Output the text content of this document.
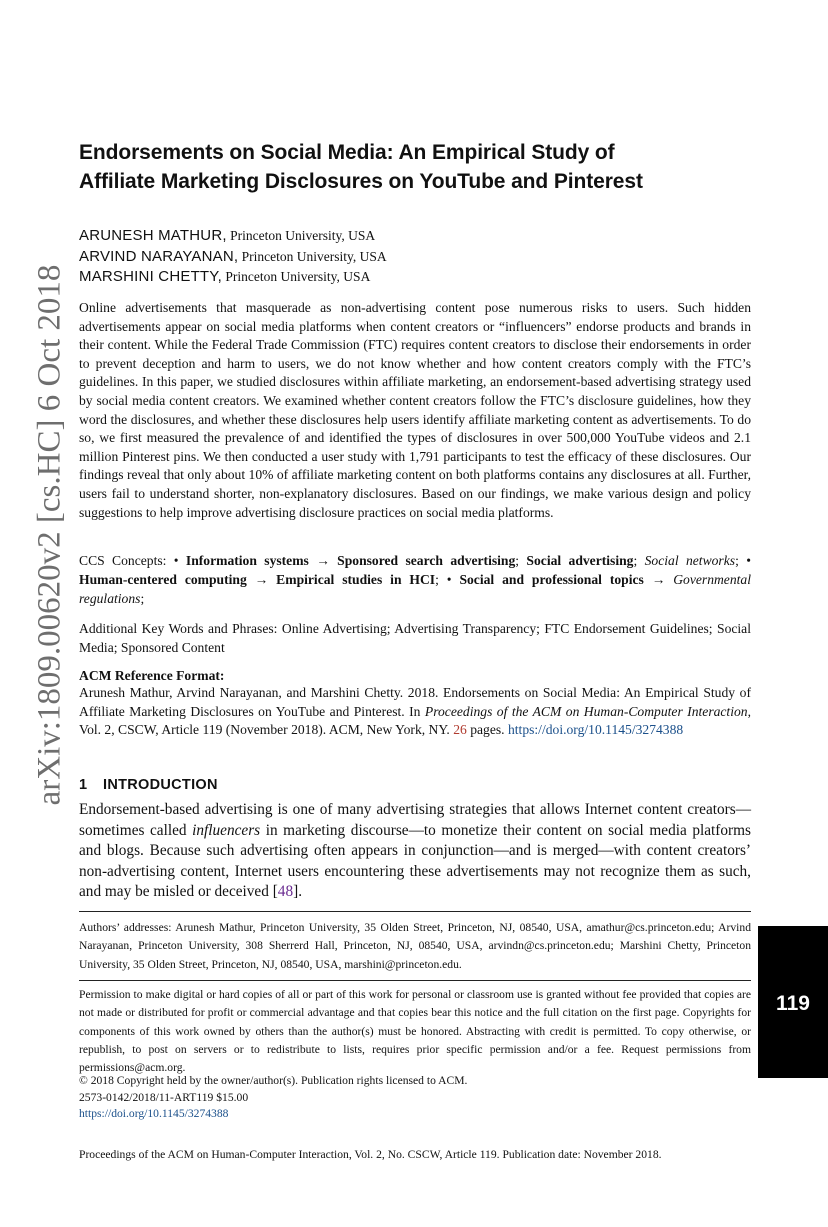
arXiv:1809.00620v2 [cs.HC] 6 Oct 2018
Endorsements on Social Media: An Empirical Study of
Affiliate Marketing Disclosures on YouTube and Pinterest
ARUNESH MATHUR, Princeton University, USA
ARVIND NARAYANAN, Princeton University, USA
MARSHINI CHETTY, Princeton University, USA

Online advertisements that masquerade as non-advertising content pose numerous risks to users. Such hidden advertisements appear on social media platforms when content creators or “influencers” endorse products and brands in their content. While the Federal Trade Commission (FTC) requires content creators to disclose their endorsements in order to prevent deception and harm to users, we do not know whether and how content creators comply with the FTC’s guidelines. In this paper, we studied disclosures within affiliate marketing, an endorsement-based advertising strategy used by social media content creators. We examined whether content creators follow the FTC’s disclosure guidelines, how they word the disclosures, and whether these disclosures help users identify affiliate marketing content as advertisements. To do so, we first measured the prevalence of and identified the types of disclosures in over 500,000 YouTube videos and 2.1 million Pinterest pins. We then conducted a user study with 1,791 participants to test the efficacy of these disclosures. Our findings reveal that only about 10% of affiliate marketing content on both platforms contains any disclosures at all. Further, users fail to understand shorter, non-explanatory disclosures. Based on our findings, we make various design and policy suggestions to help improve advertising disclosure practices on social media platforms.

CCS Concepts: • Information systems → Sponsored search advertising; Social advertising; Social networks; • Human-centered computing → Empirical studies in HCI; • Social and professional topics → Governmental regulations;

Additional Key Words and Phrases: Online Advertising; Advertising Transparency; FTC Endorsement Guidelines; Social Media; Sponsored Content

ACM Reference Format:

Arunesh Mathur, Arvind Narayanan, and Marshini Chetty. 2018. Endorsements on Social Media: An Empirical Study of Affiliate Marketing Disclosures on YouTube and Pinterest. In Proceedings of the ACM on Human-Computer Interaction, Vol. 2, CSCW, Article 119 (November 2018). ACM, New York, NY. 26 pages. https://doi.org/10.1145/3274388

1 INTRODUCTION

Endorsement-based advertising is one of many advertising strategies that allows Internet content creators—sometimes called influencers in marketing discourse—to monetize their content on social media platforms and blogs. Because such advertising often appears in conjunction—and is merged—with content creators’ non-advertising content, Internet users encountering these advertisements may not recognize them as such, and may be misled or deceived [48].

Authors’ addresses: Arunesh Mathur, Princeton University, 35 Olden Street, Princeton, NJ, 08540, USA, amathur@cs.princeton.edu; Arvind Narayanan, Princeton University, 308 Sherrerd Hall, Princeton, NJ, 08540, USA, arvindn@cs.princeton.edu; Marshini Chetty, Princeton University, 35 Olden Street, Princeton, NJ, 08540, USA, marshini@princeton.edu.

Permission to make digital or hard copies of all or part of this work for personal or classroom use is granted without fee provided that copies are not made or distributed for profit or commercial advantage and that copies bear this notice and the full citation on the first page. Copyrights for components of this work owned by others than the author(s) must be honored. Abstracting with credit is permitted. To copy otherwise, or republish, to post on servers or to redistribute to lists, requires prior specific permission and/or a fee. Request permissions from permissions@acm.org.

© 2018 Copyright held by the owner/author(s). Publication rights licensed to ACM.

2573-0142/2018/11-ART119 $15.00

https://doi.org/10.1145/3274388

Proceedings of the ACM on Human-Computer Interaction, Vol. 2, No. CSCW, Article 119. Publication date: November 2018.

119
